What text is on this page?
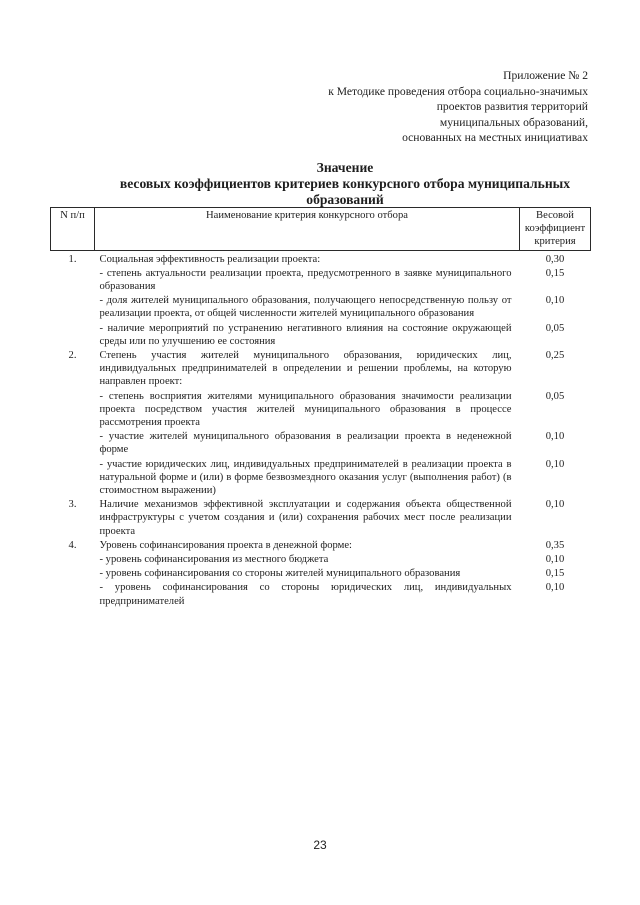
Приложение № 2
к Методике проведения отбора социально-значимых
проектов развития территорий
муниципальных образований,
основанных на местных инициативах
Значение
весовых коэффициентов критериев конкурсного отбора муниципальных
образований
N п/п	Наименование критерия конкурсного отбора	Весовой коэффициент критерия
1.	Социальная эффективность реализации проекта:	0,30
	- степень актуальности реализации проекта, предусмотренного в заявке муниципального образования	0,15
	- доля жителей муниципального образования, получающего непосредственную пользу от реализации проекта, от общей численности жителей муниципального образования	0,10
	- наличие мероприятий по устранению негативного влияния на состояние окружающей среды или по улучшению ее состояния	0,05
2.	Степень участия жителей муниципального образования, юридических лиц, индивидуальных предпринимателей в определении и решении проблемы, на которую направлен проект:	0,25
	- степень восприятия жителями муниципального образования значимости реализации проекта посредством участия жителей муниципального образования в процессе рассмотрения проекта	0,05
	- участие жителей муниципального образования в реализации проекта в неденежной форме	0,10
	- участие юридических лиц, индивидуальных предпринимателей в реализации проекта в натуральной форме и (или) в форме безвозмездного оказания услуг (выполнения работ) (в стоимостном выражении)	0,10
3.	Наличие механизмов эффективной эксплуатации и содержания объекта общественной инфраструктуры с учетом создания и (или) сохранения рабочих мест после реализации проекта	0,10
4.	Уровень софинансирования проекта в денежной форме:	0,35
	- уровень софинансирования из местного бюджета	0,10
	- уровень софинансирования со стороны жителей муниципального образования	0,15
	- уровень софинансирования со стороны юридических лиц, индивидуальных предпринимателей	0,10
23
